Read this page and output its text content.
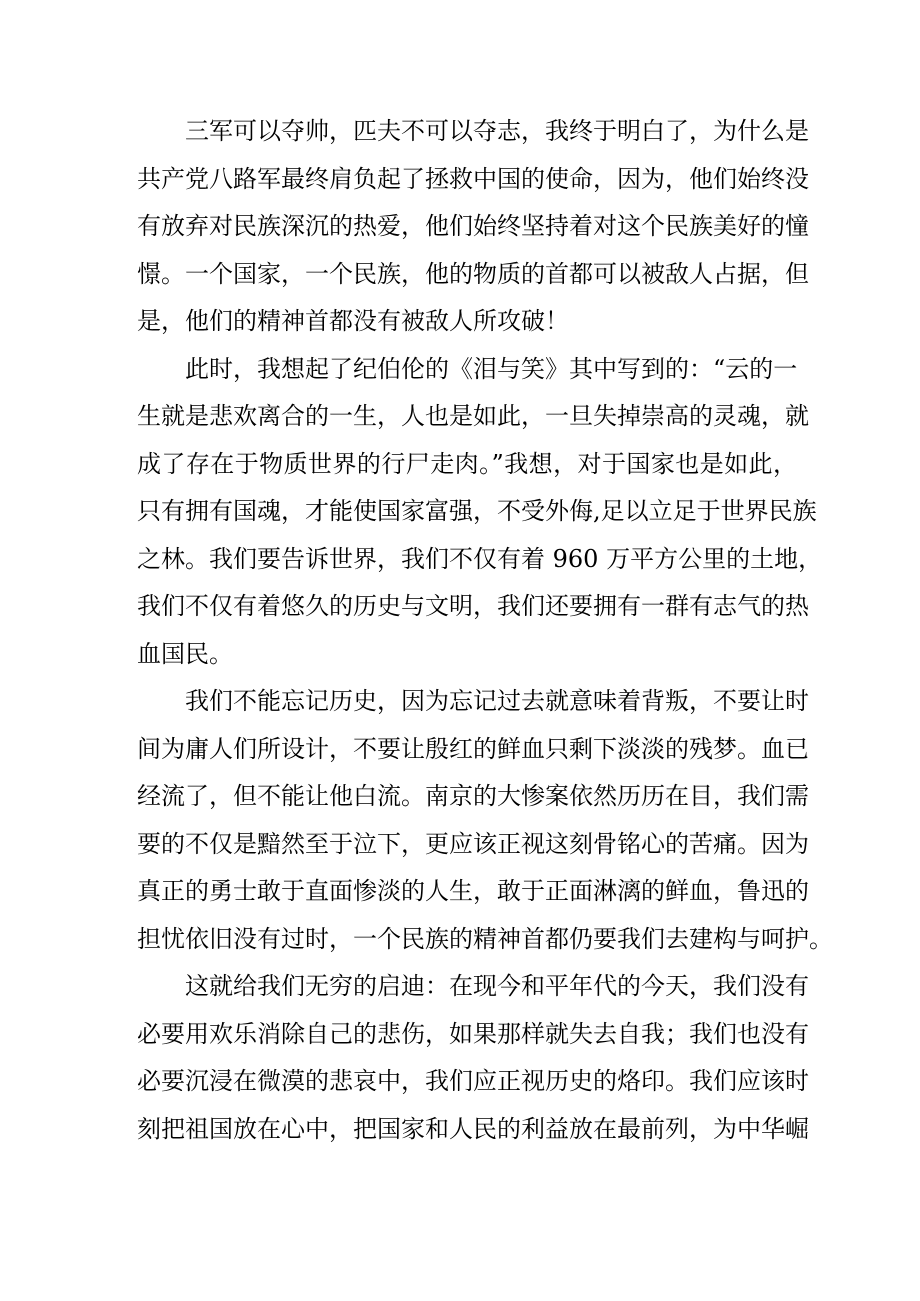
三军可以夺帅，匹夫不可以夺志，我终于明白了，为什么是
共产党八路军最终肩负起了拯救中国的使命，因为，他们始终没
有放弃对民族深沉的热爱，他们始终坚持着对这个民族美好的憧
憬。一个国家，一个民族，他的物质的首都可以被敌人占据，但
是，他们的精神首都没有被敌人所攻破！
此时，我想起了纪伯伦的《泪与笑》其中写到的：“云的一
生就是悲欢离合的一生，人也是如此，一旦失掉崇高的灵魂，就
成了存在于物质世界的行尸走肉。”我想，对于国家也是如此，
只有拥有国魂，才能使国家富强，不受外侮,足以立足于世界民族
之林。我们要告诉世界，我们不仅有着 960 万平方公里的土地，
我们不仅有着悠久的历史与文明，我们还要拥有一群有志气的热
血国民。
我们不能忘记历史，因为忘记过去就意味着背叛，不要让时
间为庸人们所设计，不要让殷红的鲜血只剩下淡淡的残梦。血已
经流了，但不能让他白流。南京的大惨案依然历历在目，我们需
要的不仅是黯然至于泣下，更应该正视这刻骨铭心的苦痛。因为
真正的勇士敢于直面惨淡的人生，敢于正面淋漓的鲜血，鲁迅的
担忧依旧没有过时，一个民族的精神首都仍要我们去建构与呵护。
这就给我们无穷的启迪：在现今和平年代的今天，我们没有
必要用欢乐消除自己的悲伤，如果那样就失去自我；我们也没有
必要沉浸在微漠的悲哀中，我们应正视历史的烙印。我们应该时
刻把祖国放在心中，把国家和人民的利益放在最前列，为中华崛
